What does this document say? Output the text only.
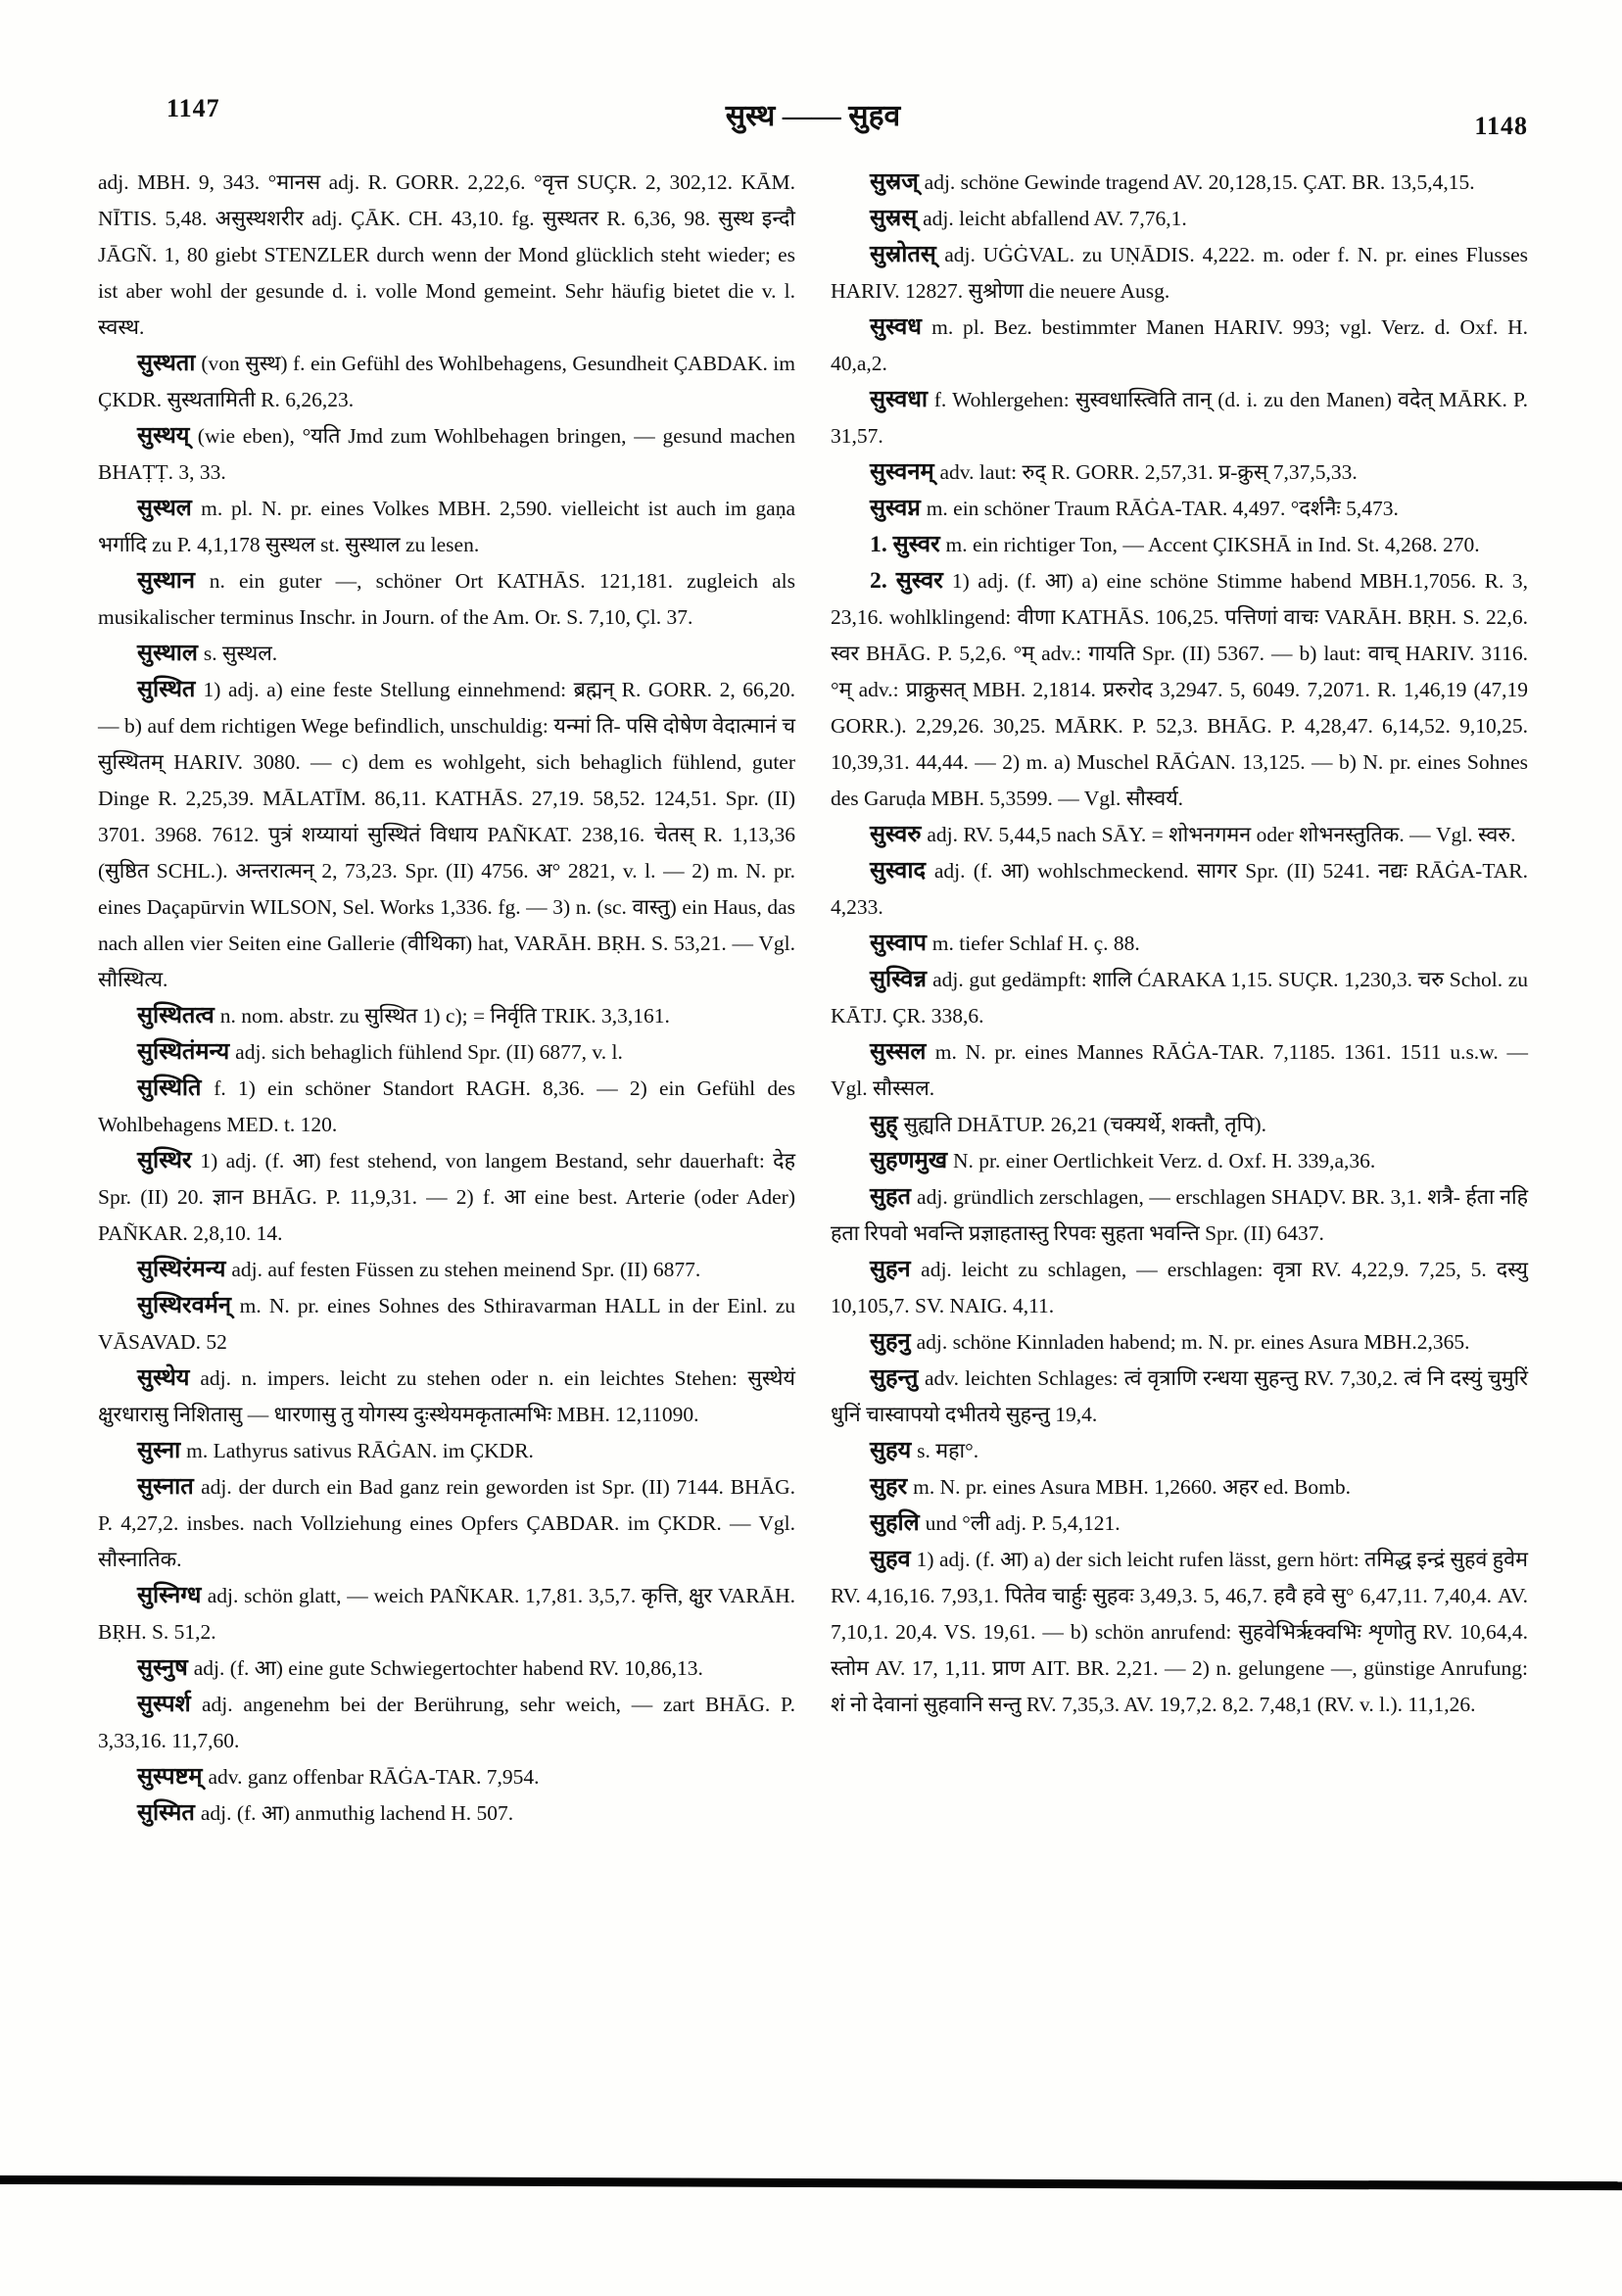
1147	सुस्थ —— सुहव	1148

adj. MBH. 9, 343. °मानस adj. R. GORR. 2,22,6. °वृत्त SUÇR. 2, 302,12. KĀM. NĪTIS. 5,48. असुस्थशरीर adj. ÇĀK. CH. 43,10. fg. सुस्थतर R. 6,36, 98. सुस्थ इन्दौ JĀGÑ. 1, 80 giebt STENZLER durch wenn der Mond glücklich steht wieder; es ist aber wohl der gesunde d. i. volle Mond gemeint. Sehr häufig bietet die v. l. स्वस्थ.

सुस्थता (von सुस्थ) f. ein Gefühl des Wohlbehagens, Gesundheit ÇABDAK. im ÇKDR. सुस्थतामिती R. 6,26,23.

सुस्थय् (wie eben), °यति Jmd zum Wohlbehagen bringen, — gesund machen BHAṬṬ. 3, 33.

सुस्थल m. pl. N. pr. eines Volkes MBH. 2,590. vielleicht ist auch im gaṇa भर्गादि zu P. 4,1,178 सुस्थल st. सुस्थाल zu lesen.

सुस्थान n. ein guter —, schöner Ort KATHĀS. 121,181. zugleich als musikalischer terminus Inschr. in Journ. of the Am. Or. S. 7,10, Çl. 37.

सुस्थाल s. सुस्थल.

सुस्थित 1) adj. a) eine feste Stellung einnehmend: ब्रह्मन् R. GORR. 2, 66,20. — b) auf dem richtigen Wege befindlich, unschuldig: यन्मां ति- पसि दोषेण वेदात्मानं च सुस्थितम् HARIV. 3080. — c) dem es wohlgeht, sich behaglich fühlend, guter Dinge R. 2,25,39. MĀLATĪM. 86,11. KATHĀS. 27,19. 58,52. 124,51. Spr. (II) 3701. 3968. 7612. पुत्रं शय्यायां सुस्थितं विधाय PAÑKAT. 238,16. चेतस् R. 1,13,36 (सुष्ठित SCHL.). अन्तरात्मन् 2, 73,23. Spr. (II) 4756. अ° 2821, v. l. — 2) m. N. pr. eines Daçapūrvin WILSON, Sel. Works 1,336. fg. — 3) n. (sc. वास्तु) ein Haus, das nach allen vier Seiten eine Gallerie (वीथिका) hat, VARĀH. BṚH. S. 53,21. — Vgl. सौस्थित्य.

सुस्थितत्व n. nom. abstr. zu सुस्थित 1) c); = निर्वृति TRIK. 3,3,161.

सुस्थितंमन्य adj. sich behaglich fühlend Spr. (II) 6877, v. l.

सुस्थिति f. 1) ein schöner Standort RAGH. 8,36. — 2) ein Gefühl des Wohlbehagens MED. t. 120.

सुस्थिर 1) adj. (f. आ) fest stehend, von langem Bestand, sehr dauerhaft: देह Spr. (II) 20. ज्ञान BHĀG. P. 11,9,31. — 2) f. आ eine best. Arterie (oder Ader) PAÑKAR. 2,8,10. 14.

सुस्थिरंमन्य adj. auf festen Füssen zu stehen meinend Spr. (II) 6877.

सुस्थिरवर्मन् m. N. pr. eines Sohnes des Sthiravarman HALL in der Einl. zu VĀSAVAD. 52

सुस्थेय adj. n. impers. leicht zu stehen oder n. ein leichtes Stehen: सुस्थेयं क्षुरधारासु निशितासु — धारणासु तु योगस्य दुःस्थेयमकृतात्मभिः MBH. 12,11090.

सुस्ना m. Lathyrus sativus RĀĠAN. im ÇKDR.

सुस्नात adj. der durch ein Bad ganz rein geworden ist Spr. (II) 7144. BHĀG. P. 4,27,2. insbes. nach Vollziehung eines Opfers ÇABDAR. im ÇKDR. — Vgl. सौस्नातिक.

सुस्निग्ध adj. schön glatt, — weich PAÑKAR. 1,7,81. 3,5,7. कृत्ति, क्षुर VARĀH. BṚH. S. 51,2.

सुस्नुष adj. (f. आ) eine gute Schwiegertochter habend RV. 10,86,13.

सुस्पर्श adj. angenehm bei der Berührung, sehr weich, — zart BHĀG. P. 3,33,16. 11,7,60.

सुस्पष्टम् adv. ganz offenbar RĀĠA-TAR. 7,954.

सुस्मित adj. (f. आ) anmuthig lachend H. 507.

सुस्रज् adj. schöne Gewinde tragend AV. 20,128,15. ÇAT. BR. 13,5,4,15.

सुस्रस् adj. leicht abfallend AV. 7,76,1.

सुस्रोतस् adj. UĠĠVAL. zu UṆĀDIS. 4,222. m. oder f. N. pr. eines Flusses HARIV. 12827. सुश्रोणा die neuere Ausg.

सुस्वध m. pl. Bez. bestimmter Manen HARIV. 993; vgl. Verz. d. Oxf. H. 40,a,2.

सुस्वधा f. Wohlergehen: सुस्वधास्त्विति तान् (d. i. zu den Manen) वदेत् MĀRK. P. 31,57.

सुस्वनम् adv. laut: रुद् R. GORR. 2,57,31. प्र-क्रुस् 7,37,5,33.

सुस्वप्न m. ein schöner Traum RĀĠA-TAR. 4,497. °दर्शनैः 5,473.

1. सुस्वर m. ein richtiger Ton, — Accent ÇIKSHĀ in Ind. St. 4,268. 270.

2. सुस्वर 1) adj. (f. आ) a) eine schöne Stimme habend MBH.1,7056. R. 3, 23,16. wohlklingend: वीणा KATHĀS. 106,25. पत्तिणां वाचः VARĀH. BṚH. S. 22,6. स्वर BHĀG. P. 5,2,6. °म् adv.: गायति Spr. (II) 5367. — b) laut: वाच् HARIV. 3116. °म् adv.: प्राक्रुसत् MBH. 2,1814. प्ररुरोद 3,2947. 5, 6049. 7,2071. R. 1,46,19 (47,19 GORR.). 2,29,26. 30,25. MĀRK. P. 52,3. BHĀG. P. 4,28,47. 6,14,52. 9,10,25. 10,39,31. 44,44. — 2) m. a) Muschel RĀĠAN. 13,125. — b) N. pr. eines Sohnes des Garuḍa MBH. 5,3599. — Vgl. सौस्वर्य.

सुस्वरु adj. RV. 5,44,5 nach SĀY. = शोभनगमन oder शोभनस्तुतिक. — Vgl. स्वरु.

सुस्वाद adj. (f. आ) wohlschmeckend. सागर Spr. (II) 5241. नद्यः RĀĠA-TAR. 4,233.

सुस्वाप m. tiefer Schlaf H. ç. 88.

सुस्विन्न adj. gut gedämpft: शालि ĆARAKA 1,15. SUÇR. 1,230,3. चरु Schol. zu KĀTJ. ÇR. 338,6.

सुस्सल m. N. pr. eines Mannes RĀĠA-TAR. 7,1185. 1361. 1511 u.s.w. — Vgl. सौस्सल.

सुह् सुह्यति DHĀTUP. 26,21 (चक्यर्थे, शक्तौ, तृपि).

सुहणमुख N. pr. einer Oertlichkeit Verz. d. Oxf. H. 339,a,36.

सुहत adj. gründlich zerschlagen, — erschlagen SHAḌV. BR. 3,1. शत्रै- र्हता नहि हता रिपवो भवन्ति प्रज्ञाहतास्तु रिपवः सुहता भवन्ति Spr. (II) 6437.

सुहन adj. leicht zu schlagen, — erschlagen: वृत्रा RV. 4,22,9. 7,25, 5. दस्यु 10,105,7. SV. NAIG. 4,11.

सुहनु adj. schöne Kinnladen habend; m. N. pr. eines Asura MBH.2,365.

सुहन्तु adv. leichten Schlages: त्वं वृत्राणि रन्धया सुहन्तु RV. 7,30,2. त्वं नि दस्युं चुमुरिं धुनिं चास्वापयो दभीतये सुहन्तु 19,4.

सुहय s. महा°.

सुहर m. N. pr. eines Asura MBH. 1,2660. अहर ed. Bomb.

सुहलि und °ली adj. P. 5,4,121.

सुहव 1) adj. (f. आ) a) der sich leicht rufen lässt, gern hört: तमिद्ध इन्द्रं सुहवं हुवेम RV. 4,16,16. 7,93,1. पितेव चार्हुः सुहवः 3,49,3. 5, 46,7. हवै हवे सु° 6,47,11. 7,40,4. AV. 7,10,1. 20,4. VS. 19,61. — b) schön anrufend: सुहवेभिरृक्वभिः शृणोतु RV. 10,64,4. स्तोम AV. 17, 1,11. प्राण AIT. BR. 2,21. — 2) n. gelungene —, günstige Anrufung: शं नो देवानां सुहवानि सन्तु RV. 7,35,3. AV. 19,7,2. 8,2. 7,48,1 (RV. v. l.). 11,1,26.
